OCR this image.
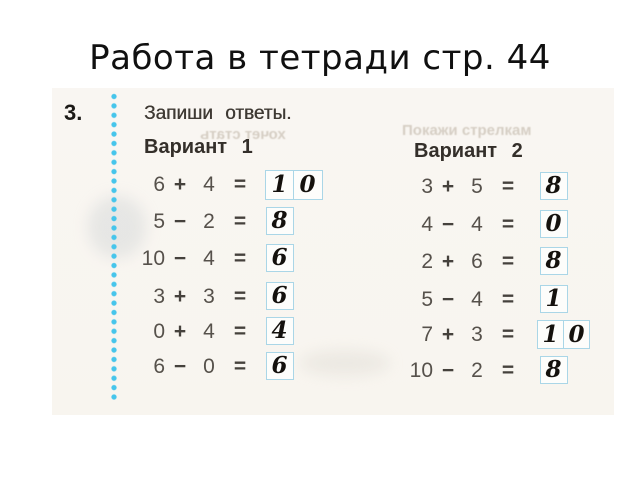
Работа в тетради стр. 44
хочет стать	Покажи стрелкам
3.	Запиши ответы.
Вариант 1	Вариант 2
6 + 4 =	1 0
5 − 2 =	8
10 − 4 =	6
3 + 3 =	6
0 + 4 =	4
6 − 0 =	6
3 + 5 =	8
4 − 4 =	0
2 + 6 =	8
5 − 4 =	1
7 + 3 =	1 0
10 − 2 =	8
